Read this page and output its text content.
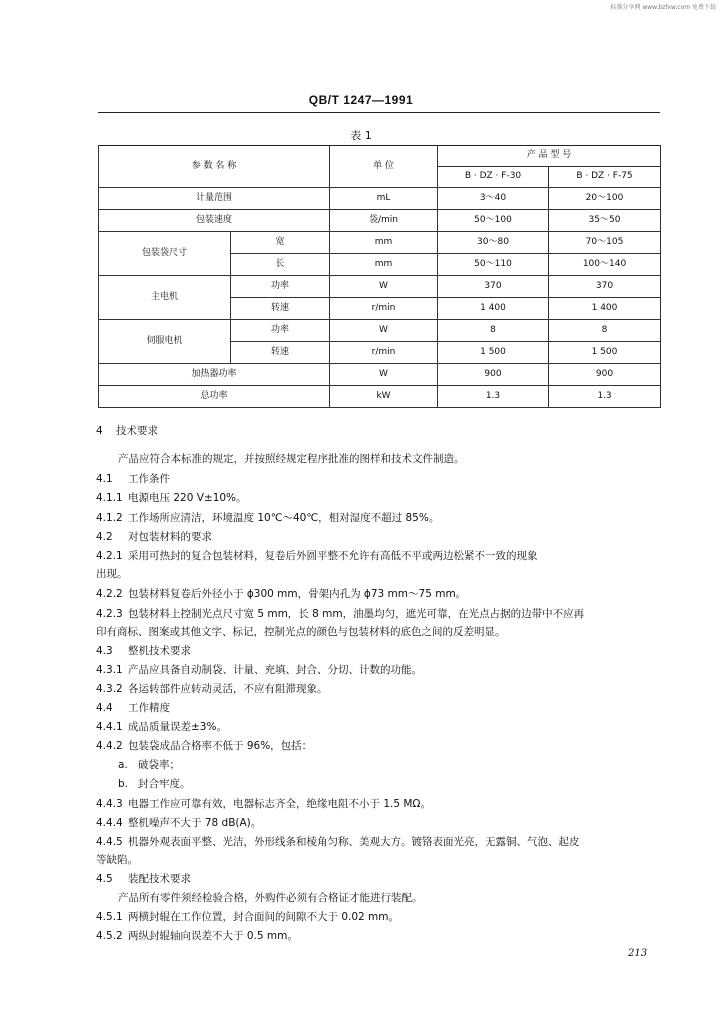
标准分享网 www.bzfxw.com 免费下载
QB/T 1247—1991
表 1
参 数 名 称		单 位	产 品 型 号	
			B · DZ · F-30	B · DZ · F-75
计量范围		mL	3～40	20～100
包装速度		袋/min	50～100	35～50
包装袋尺寸	宽	mm	30～80	70～105
	长	mm	50～110	100～140
主电机	功率	W	370	370
	转速	r/min	1 400	1 400
伺服电机	功率	W	8	8
	转速	r/min	1 500	1 500
加热器功率		W	900	900
总功率		kW	1.3	1.3
4 技术要求
产品应符合本标准的规定，并按照经规定程序批准的图样和技术文件制造。
4.1 工作条件
4.1.1 电源电压 220 V±10%。
4.1.2 工作场所应清洁，环境温度 10℃～40℃，相对湿度不超过 85%。
4.2 对包装材料的要求
4.2.1 采用可热封的复合包装材料，复卷后外圆平整不允许有高低不平或两边松紧不一致的现象
出现。
4.2.2 包装材料复卷后外径小于 ϕ300 mm，骨架内孔为 ϕ73 mm～75 mm。
4.2.3 包装材料上控制光点尺寸宽 5 mm，长 8 mm，油墨均匀，遮光可靠，在光点占据的边带中不应再
印有商标、图案或其他文字、标记，控制光点的颜色与包装材料的底色之间的反差明显。
4.3 整机技术要求
4.3.1 产品应具备自动制袋、计量、充填、封合、分切、计数的功能。
4.3.2 各运转部件应转动灵活，不应有阻滞现象。
4.4 工作精度
4.4.1 成品质量误差±3%。
4.4.2 包装袋成品合格率不低于 96%，包括：
a. 破袋率；
b. 封合牢度。
4.4.3 电器工作应可靠有效，电器标志齐全，绝缘电阻不小于 1.5 MΩ。
4.4.4 整机噪声不大于 78 dB(A)。
4.4.5 机器外观表面平整、光洁，外形线条和棱角匀称、美观大方。镀铬表面光亮，无露铜、气泡、起皮
等缺陷。
4.5 装配技术要求
产品所有零件须经检验合格，外购件必须有合格证才能进行装配。
4.5.1 两横封辊在工作位置，封合面间的间隙不大于 0.02 mm。
4.5.2 两纵封辊轴向误差不大于 0.5 mm。
213
